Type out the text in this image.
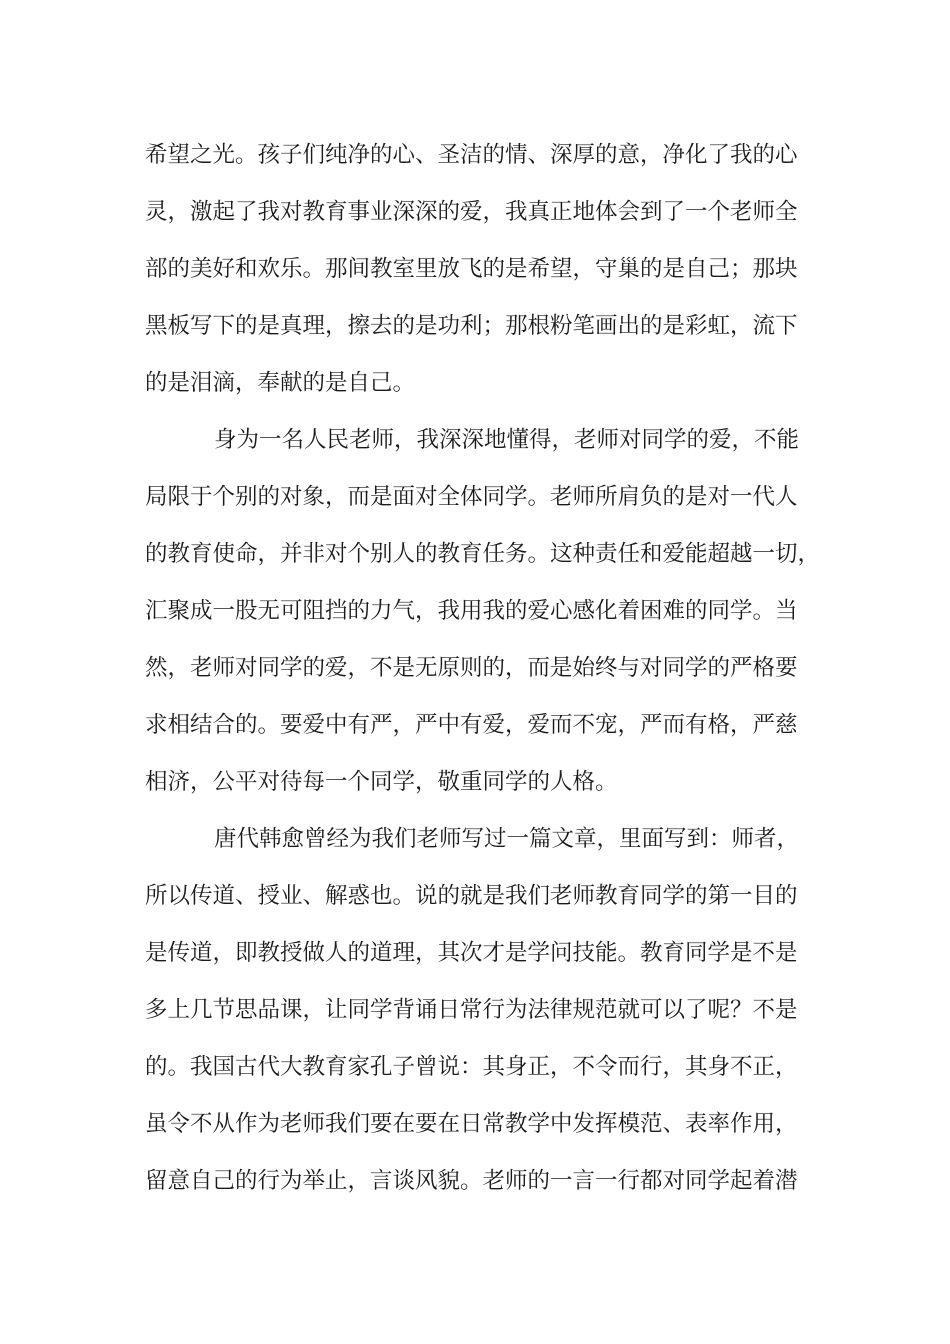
希望之光。孩子们纯净的心、圣洁的情、深厚的意，净化了我的心
灵，激起了我对教育事业深深的爱，我真正地体会到了一个老师全
部的美好和欢乐。那间教室里放飞的是希望，守巢的是自己；那块
黑板写下的是真理，擦去的是功利；那根粉笔画出的是彩虹，流下
的是泪滴，奉献的是自己。
身为一名人民老师，我深深地懂得，老师对同学的爱，不能
局限于个别的对象，而是面对全体同学。老师所肩负的是对一代人
的教育使命，并非对个别人的教育任务。这种责任和爱能超越一切，
汇聚成一股无可阻挡的力气，我用我的爱心感化着困难的同学。当
然，老师对同学的爱，不是无原则的，而是始终与对同学的严格要
求相结合的。要爱中有严，严中有爱，爱而不宠，严而有格，严慈
相济，公平对待每一个同学，敬重同学的人格。
唐代韩愈曾经为我们老师写过一篇文章，里面写到：师者，
所以传道、授业、解惑也。说的就是我们老师教育同学的第一目的
是传道，即教授做人的道理，其次才是学问技能。教育同学是不是
多上几节思品课，让同学背诵日常行为法律规范就可以了呢？不是
的。我国古代大教育家孔子曾说：其身正，不令而行，其身不正，
虽令不从作为老师我们要在要在日常教学中发挥模范、表率作用，
留意自己的行为举止，言谈风貌。老师的一言一行都对同学起着潜
